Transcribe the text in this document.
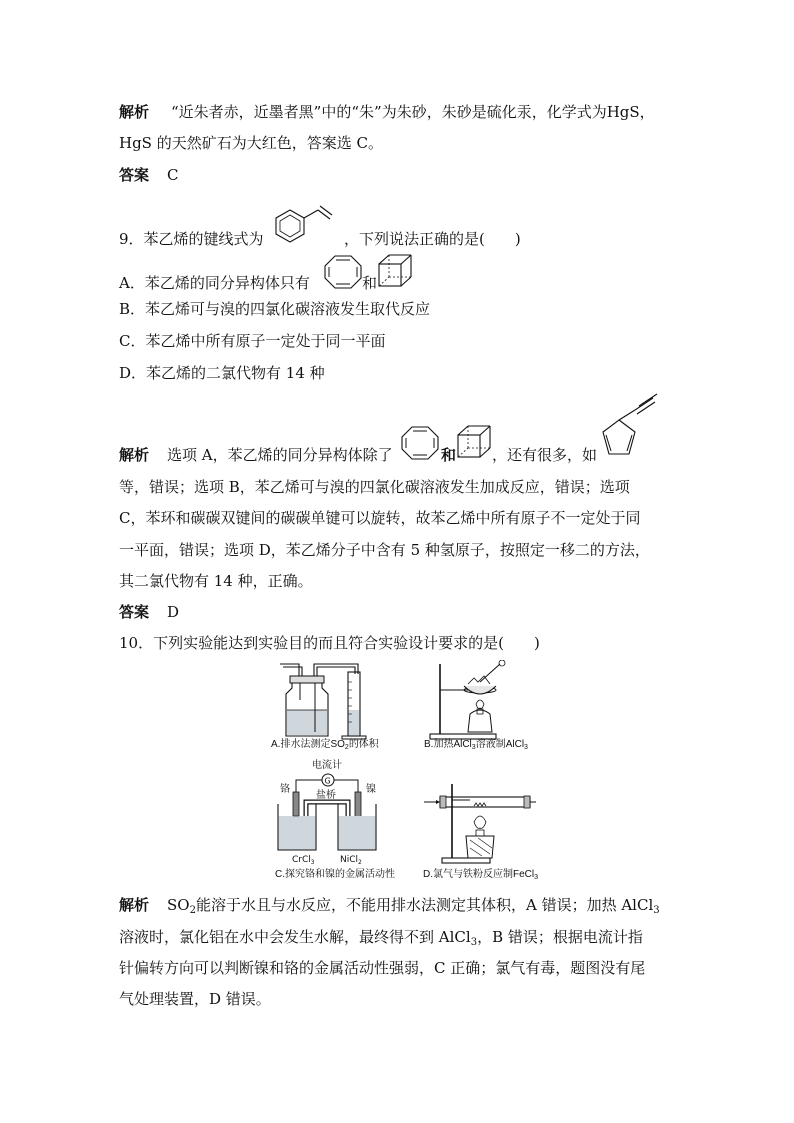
解析 “近朱者赤，近墨者黑”中的“朱”为朱砂，朱砂是硫化汞，化学式为HgS，
HgS 的天然矿石为大红色，答案选 C。
答案 C
9．苯乙烯的键线式为	，下列说法正确的是(　　)
A．苯乙烯的同分异构体只有	和
B．苯乙烯可与溴的四氯化碳溶液发生取代反应
C．苯乙烯中所有原子一定处于同一平面
D．苯乙烯的二氯代物有 14 种
解析 选项 A，苯乙烯的同分异构体除了	和 ，还有很多，如
等，错误；选项 B，苯乙烯可与溴的四氯化碳溶液发生加成反应，错误；选项
C，苯环和碳碳双键间的碳碳单键可以旋转，故苯乙烯中所有原子不一定处于同
一平面，错误；选项 D，苯乙烯分子中含有 5 种氢原子，按照定一移二的方法，
其二氯代物有 14 种，正确。
答案 D
10．下列实验能达到实验目的而且符合实验设计要求的是(　　)
A.排水法测定$SO_2$的体积	B.加热AlCl$_3$溶液制AlCl$_3$
电流计
G
铬
盐桥
镍
CrCl$_3$	NiCl$_2$
C.探究铬和镍的金属活动性	D.氯气与铁粉反应制FeCl$_3$
解析 $SO_2$能溶于水且与水反应，不能用排水法测定其体积，A 错误；加热 AlCl$_3$
溶液时，氯化铝在水中会发生水解，最终得不到 AlCl$_3$，B 错误；根据电流计指
针偏转方向可以判断镍和铬的金属活动性强弱，C 正确；氯气有毒，题图没有尾
气处理装置，D 错误。
